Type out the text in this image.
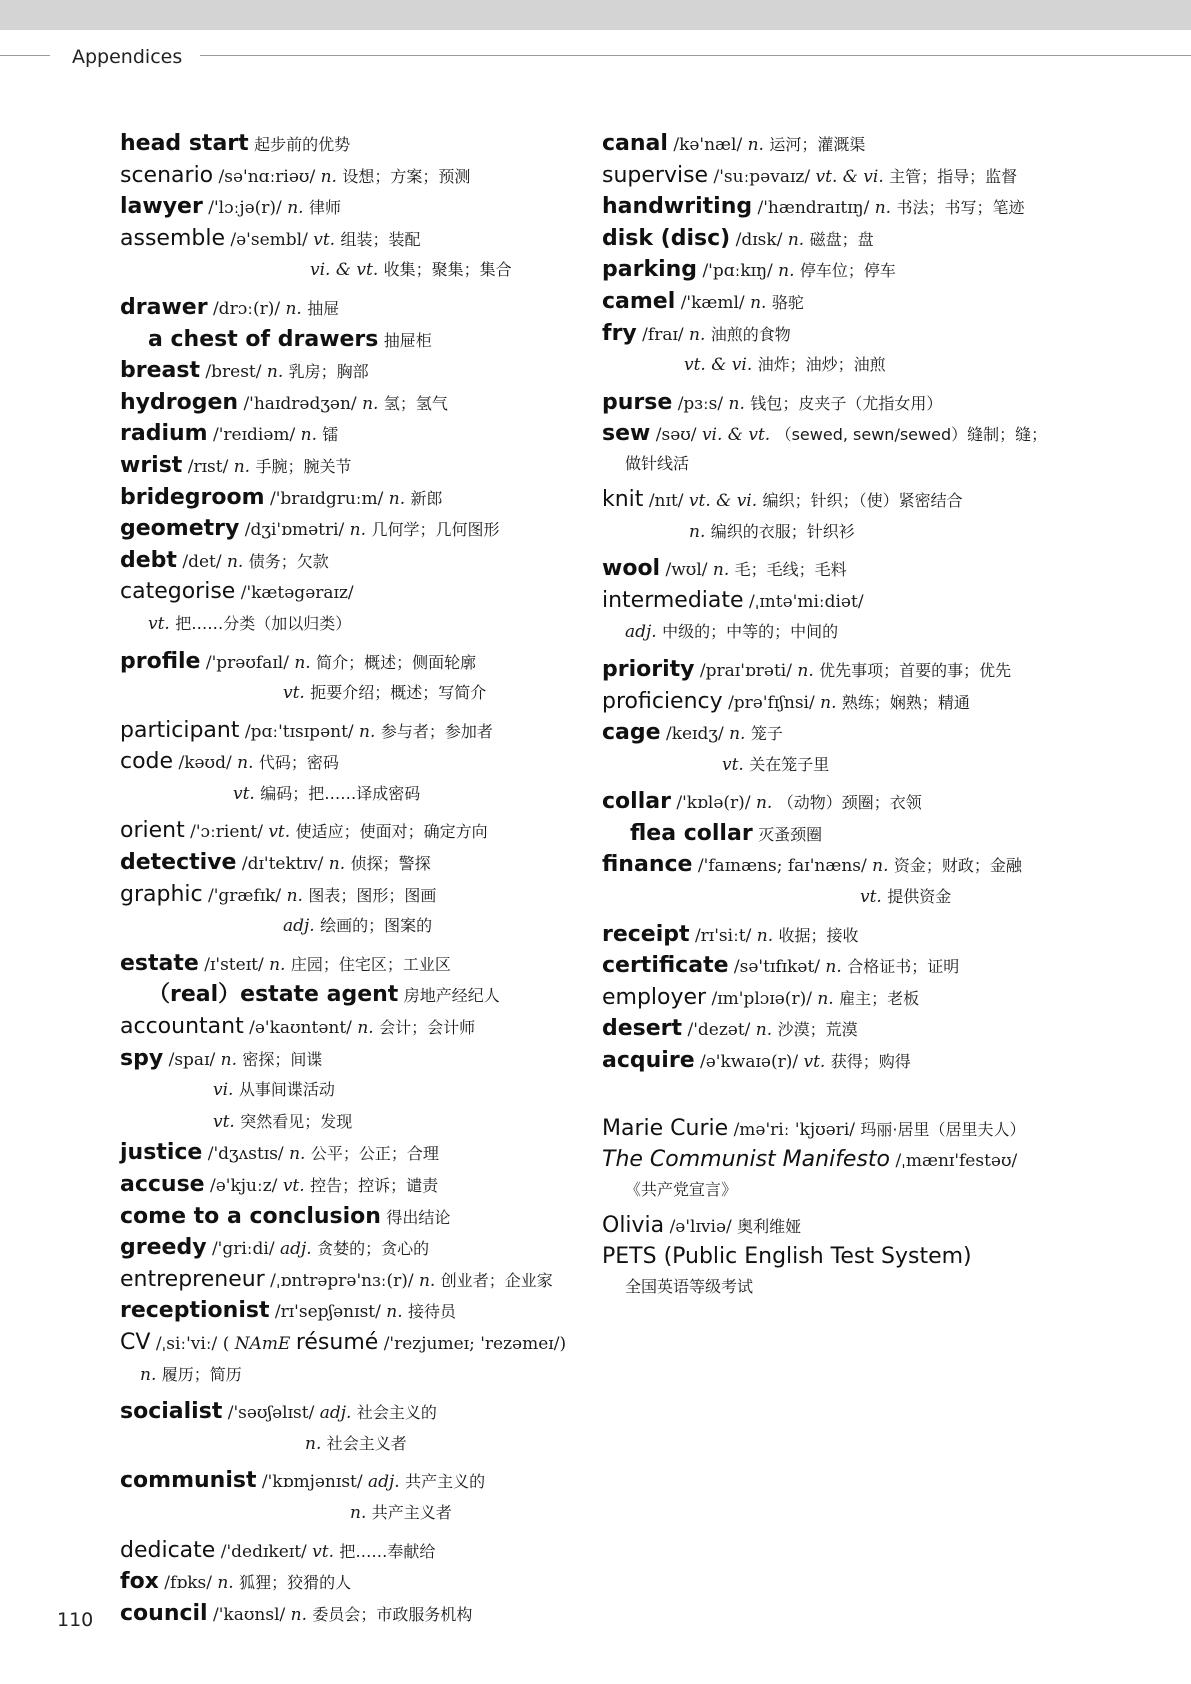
Appendices
head start 起步前的优势
scenario /sə'nɑːriəʊ/ n. 设想；方案；预测
lawyer /'lɔːjə(r)/ n. 律师
assemble /ə'sembl/ vt. 组装；装配
vi. & vt. 收集；聚集；集合
drawer /drɔː(r)/ n. 抽屉
a chest of drawers 抽屉柜
breast /brest/ n. 乳房；胸部
hydrogen /'haɪdrədʒən/ n. 氢；氢气
radium /'reɪdiəm/ n. 镭
wrist /rɪst/ n. 手腕；腕关节
bridegroom /'braɪdgruːm/ n. 新郎
geometry /dʒi'ɒmətri/ n. 几何学；几何图形
debt /det/ n. 债务；欠款
categorise /'kætəgəraɪz/
vt. 把……分类（加以归类）
profile /'prəʊfaɪl/ n. 简介；概述；侧面轮廓
vt. 扼要介绍；概述；写简介
participant /pɑː'tɪsɪpənt/ n. 参与者；参加者
code /kəʊd/ n. 代码；密码
vt. 编码；把……译成密码
orient /'ɔːrient/ vt. 使适应；使面对；确定方向
detective /dɪ'tektɪv/ n. 侦探；警探
graphic /'græfɪk/ n. 图表；图形；图画
adj. 绘画的；图案的
estate /ɪ'steɪt/ n. 庄园；住宅区；工业区
（real）estate agent 房地产经纪人
accountant /ə'kaʊntənt/ n. 会计；会计师
spy /spaɪ/ n. 密探；间谍
vi. 从事间谍活动
vt. 突然看见；发现
justice /'dʒʌstɪs/ n. 公平；公正；合理
accuse /ə'kjuːz/ vt. 控告；控诉；谴责
come to a conclusion 得出结论
greedy /'griːdi/ adj. 贪婪的；贪心的
entrepreneur /ˌɒntrəprə'nɜː(r)/ n. 创业者；企业家
receptionist /rɪ'sepʃənɪst/ n. 接待员
CV /ˌsiː'viː/ ( NAmE résumé /'rezjumeɪ; 'rezəmeɪ/)
n. 履历；简历
socialist /'səʊʃəlɪst/ adj. 社会主义的
n. 社会主义者
communist /'kɒmjənɪst/ adj. 共产主义的
n. 共产主义者
dedicate /'dedɪkeɪt/ vt. 把……奉献给
fox /fɒks/ n. 狐狸；狡猾的人
council /'kaʊnsl/ n. 委员会；市政服务机构
canal /kə'næl/ n. 运河；灌溉渠
supervise /'suːpəvaɪz/ vt. & vi. 主管；指导；监督
handwriting /'hændraɪtɪŋ/ n. 书法；书写；笔迹
disk (disc) /dɪsk/ n. 磁盘；盘
parking /'pɑːkɪŋ/ n. 停车位；停车
camel /'kæml/ n. 骆驼
fry /fraɪ/ n. 油煎的食物
vt. & vi. 油炸；油炒；油煎
purse /pɜːs/ n. 钱包；皮夹子（尤指女用）
sew /səʊ/ vi. & vt. （sewed, sewn/sewed）缝制；缝；
做针线活
knit /nɪt/ vt. & vi. 编织；针织；（使）紧密结合
n. 编织的衣服；针织衫
wool /wʊl/ n. 毛；毛线；毛料
intermediate /ˌɪntə'miːdiət/
adj. 中级的；中等的；中间的
priority /praɪ'ɒrəti/ n. 优先事项；首要的事；优先
proficiency /prə'fɪʃnsi/ n. 熟练；娴熟；精通
cage /keɪdʒ/ n. 笼子
vt. 关在笼子里
collar /'kɒlə(r)/ n. （动物）颈圈；衣领
flea collar 灭蚤颈圈
finance /'faɪnæns; faɪ'næns/ n. 资金；财政；金融
vt. 提供资金
receipt /rɪ'siːt/ n. 收据；接收
certificate /sə'tɪfɪkət/ n. 合格证书；证明
employer /ɪm'plɔɪə(r)/ n. 雇主；老板
desert /'dezət/ n. 沙漠；荒漠
acquire /ə'kwaɪə(r)/ vt. 获得；购得
Marie Curie /mə'riː 'kjʊəri/ 玛丽·居里（居里夫人）
The Communist Manifesto /ˌmænɪ'festəʊ/
《共产党宣言》
Olivia /ə'lɪviə/ 奥利维娅
PETS (Public English Test System)
全国英语等级考试
110
